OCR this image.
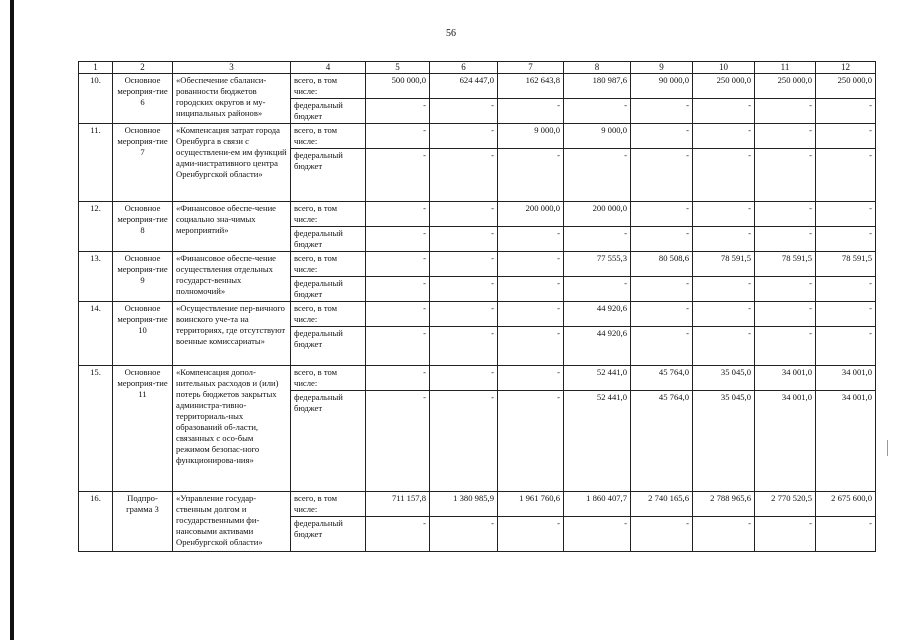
56
1	2	3	4	5	6	7	8	9	10	11	12
10.	Основное мероприя-тие 6	«Обеспечение сбаланси-рованности бюджетов городских округов и му-ниципальных районов»	всего, в том числе:	500 000,0	624 447,0	162 643,8	180 987,6	90 000,0	250 000,0	250 000,0	250 000,0
			федеральный бюджет	-	-	-	-	-	-	-	-
11.	Основное мероприя-тие 7	«Компенсация затрат города Оренбурга в связи с осуществлени-ем им функций адми-нистративного центра Оренбургской области»	всего, в том числе:	-	-	9 000,0	9 000,0	-	-	-	-
			федеральный бюджет	-	-	-	-	-	-	-	-
12.	Основное мероприя-тие 8	«Финансовое обеспе-чение социально зна-чимых мероприятий»	всего, в том числе:	-	-	200 000,0	200 000,0	-	-	-	-
			федеральный бюджет	-	-	-	-	-	-	-	-
13.	Основное мероприя-тие 9	«Финансовое обеспе-чение осуществления отдельных государст-венных полномочий»	всего, в том числе:	-	-	-	77 555,3	80 508,6	78 591,5	78 591,5	78 591,5
			федеральный бюджет	-	-	-	-	-	-	-	-
14.	Основное мероприя-тие 10	«Осуществление пер-вичного воинского уче-та на территориях, где отсутствуют военные комиссариаты»	всего, в том числе:	-	-	-	44 920,6	-	-	-	-
			федеральный бюджет	-	-	-	44 920,6	-	-	-	-
15.	Основное мероприя-тие 11	«Компенсация допол-нительных расходов и (или) потерь бюджетов закрытых администра-тивно-территориаль-ных образований об-ласти, связанных с осо-бым режимом безопас-ного функционирова-ния»	всего, в том числе:	-	-	-	52 441,0	45 764,0	35 045,0	34 001,0	34 001,0
			федеральный бюджет	-	-	-	52 441,0	45 764,0	35 045,0	34 001,0	34 001,0
16.	Подпро-грамма 3	«Управление государ-ственным долгом и государственными фи-нансовыми активами Оренбургской области»	всего, в том числе:	711 157,8	1 380 985,9	1 961 760,6	1 860 407,7	2 740 165,6	2 788 965,6	2 770 520,5	2 675 600,0
			федеральный бюджет	-	-	-	-	-	-	-	-
